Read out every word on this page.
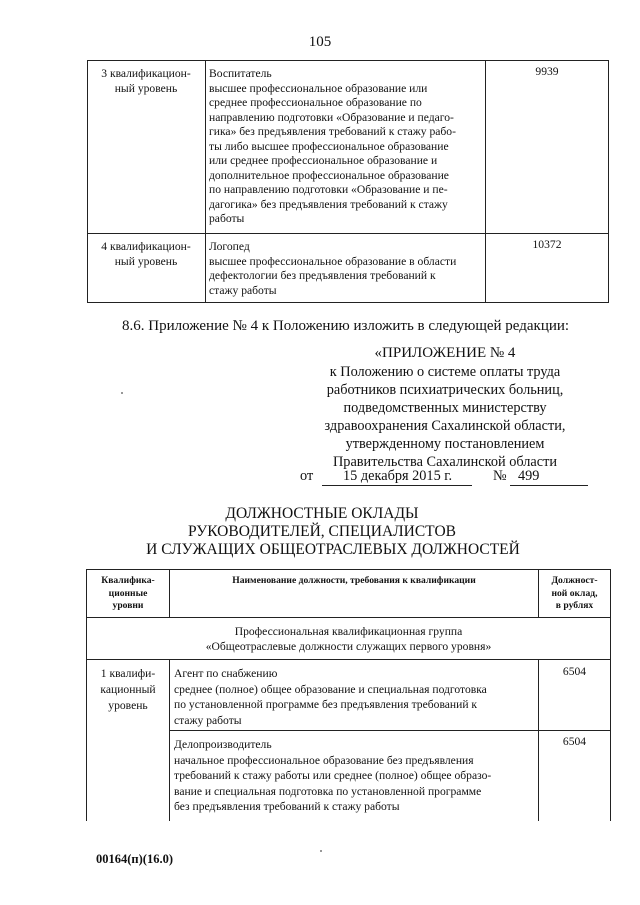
105
3 квалификацион-
ный уровень
Воспитатель
высшее профессиональное образование или
среднее профессиональное образование по
направлению подготовки «Образование и педаго-
гика» без предъявления требований к стажу рабо-
ты либо высшее профессиональное образование
или среднее профессиональное образование и
дополнительное профессиональное образование
по направлению подготовки «Образование и пе-
дагогика» без предъявления требований к стажу
работы
9939
4 квалификацион-
ный уровень
Логопед
высшее профессиональное образование в области
дефектологии без предъявления требований к
стажу работы
10372
8.6. Приложение № 4 к Положению изложить в следующей редакции:
«ПРИЛОЖЕНИЕ № 4
к Положению о системе оплаты труда
работников психиатрических больниц,
подведомственных министерству
здравоохранения Сахалинской области,
утвержденному постановлением
Правительства Сахалинской области
от 15 декабря 2015 г.	№ 499
ДОЛЖНОСТНЫЕ ОКЛАДЫ
РУКОВОДИТЕЛЕЙ, СПЕЦИАЛИСТОВ
И СЛУЖАЩИХ ОБЩЕОТРАСЛЕВЫХ ДОЛЖНОСТЕЙ
Квалифика-
ционные
уровни
Наименование должности, требования к квалификации	Должност-
ной оклад,
в рублях
Профессиональная квалификационная группа
«Общеотраслевые должности служащих первого уровня»
1 квалифи-
кационный
уровень
Агент по снабжению
среднее (полное) общее образование и специальная подготовка
по установленной программе без предъявления требований к
стажу работы
6504
Делопроизводитель
начальное профессиональное образование без предъявления
требований к стажу работы или среднее (полное) общее образо-
вание и специальная подготовка по установленной программе
без предъявления требований к стажу работы
6504
00164(п)(16.0)
